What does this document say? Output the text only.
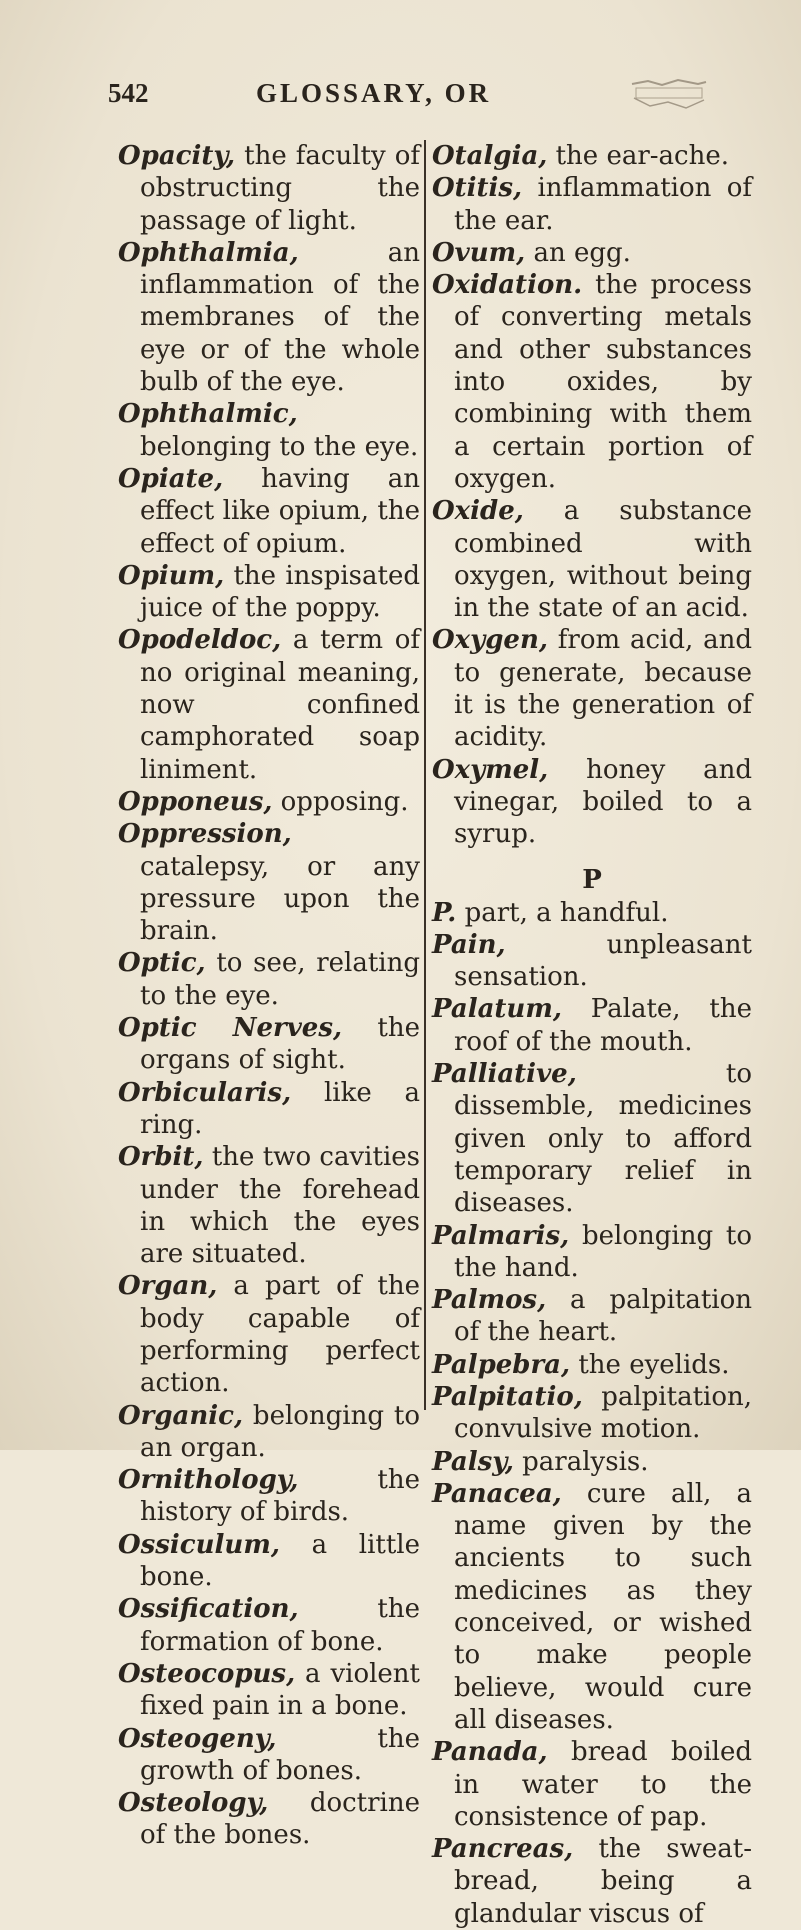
542	GLOSSARY, OR

Opacity, the faculty of obstructing the passage of light.

Ophthalmia,	an inflammation of the membranes of the eye or of the whole bulb of the eye.

Ophthalmic, belonging to the eye.

Opiate, having an effect like opium, the effect of opium.

Opium, the inspisated juice of the poppy.

Opodeldoc, a term of no original meaning, now confined camphorated soap liniment.

Opponeus, opposing.

Oppression, catalepsy, or any pressure upon the brain.

Optic, to see, relating to the eye.

Optic Nerves, the organs of sight.

Orbicularis, like a ring.

Orbit, the two cavities under the forehead in which the eyes are situated.

Organ, a part of the body capable of performing perfect action.

Organic, belonging to an organ.

Ornithology,	the history of birds.

Ossiculum, a little bone.

Ossification,	the formation of bone.

Osteocopus, a violent fixed pain in a bone.

Osteogeny,	the growth of bones.

Osteology, doctrine of the bones.

Otalgia, the ear-ache.

Otitis, inflammation of the ear.

Ovum, an egg.

Oxidation. the process of converting metals and other substances into oxides, by combining with them a certain portion of oxygen.

Oxide, a substance combined with oxygen, without being in the state of an acid.

Oxygen, from acid, and to generate, because it is the generation of acidity.

Oxymel, honey and vinegar, boiled to a syrup.

P

P. part, a handful.

Pain,	unpleasant sensation.

Palatum, Palate, the roof of the mouth.

Palliative,	to dissemble, medicines given only to afford temporary relief in diseases.

Palmaris, belonging to the hand.

Palmos, a palpitation of the heart.

Palpebra, the eyelids.

Palpitatio, palpitation, convulsive motion.

Palsy, paralysis.

Panacea, cure all, a name given by the ancients to such medicines as they conceived, or wished to make people believe, would cure all diseases.

Panada, bread boiled in water to the consistence of pap.

Pancreas, the sweat-bread, being a glandular viscus of
